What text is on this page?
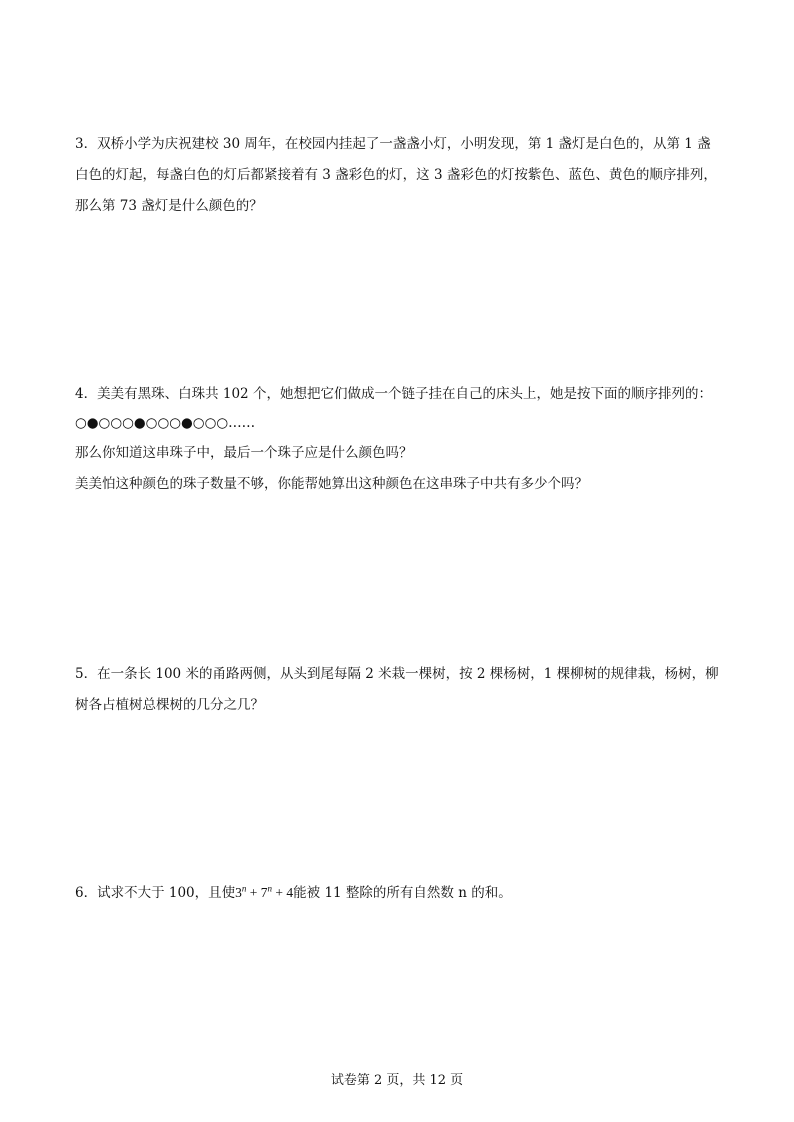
3．双桥小学为庆祝建校 30 周年，在校园内挂起了一盏盏小灯，小明发现，第 1 盏灯是白色的，从第 1 盏
白色的灯起，每盏白色的灯后都紧接着有 3 盏彩色的灯，这 3 盏彩色的灯按紫色、蓝色、黄色的顺序排列，
那么第 73 盏灯是什么颜色的？
4．美美有黑珠、白珠共 102 个，她想把它们做成一个链子挂在自己的床头上，她是按下面的顺序排列的：
○●○○○●○○○●○○○……
那么你知道这串珠子中，最后一个珠子应是什么颜色吗？
美美怕这种颜色的珠子数量不够，你能帮她算出这种颜色在这串珠子中共有多少个吗？
5．在一条长 100 米的甬路两侧，从头到尾每隔 2 米栽一棵树，按 2 棵杨树，1 棵柳树的规律栽，杨树，柳
树各占植树总棵树的几分之几？
6．试求不大于 100，且使$3^n + 7^n + 4$能被 11 整除的所有自然数 n 的和。
试卷第 2 页，共 12 页
